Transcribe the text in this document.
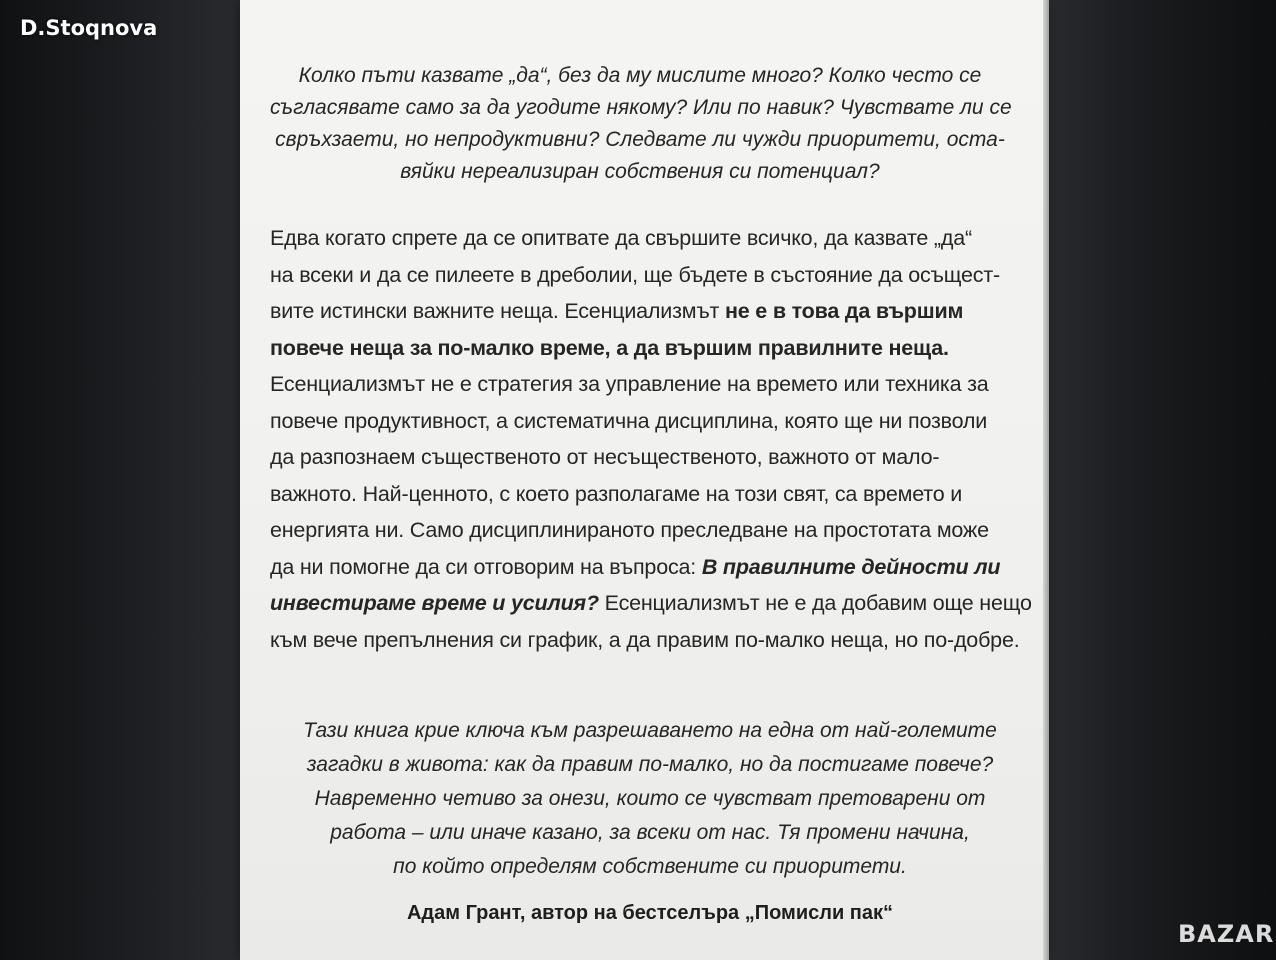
D.Stoqnova
BAZAR
Колко пъти казвате „да“, без да му мислите много? Колко често се
съгласявате само за да угодите някому? Или по навик? Чувствате ли се
свръхзаети, но непродуктивни? Следвате ли чужди приоритети, оста-
вяйки нереализиран собствения си потенциал?
Едва когато спрете да се опитвате да свършите всичко, да казвате „да“
на всеки и да се пилеете в дреболии, ще бъдете в състояние да осъщест-
вите истински важните неща. Есенциализмът не е в това да вършим
повече неща за по-малко време, а да вършим правилните неща.
Есенциализмът не е стратегия за управление на времето или техника за
повече продуктивност, а систематична дисциплина, която ще ни позволи
да разпознаем същественото от несъщественото, важното от мало-
важното. Най-ценното, с което разполагаме на този свят, са времето и
енергията ни. Само дисциплинираното преследване на простотата може
да ни помогне да си отговорим на въпроса: В правилните дейности ли
инвестираме време и усилия? Есенциализмът не е да добавим още нещо
към вече препълнения си график, а да правим по-малко неща, но по-добре.
Тази книга крие ключа към разрешаването на една от най-големите
загадки в живота: как да правим по-малко, но да постигаме повече?
Навременно четиво за онези, които се чувстват претоварени от
работа – или иначе казано, за всеки от нас. Тя промени начина,
по който определям собствените си приоритети.
Адам Грант, автор на бестселъра „Помисли пак“
